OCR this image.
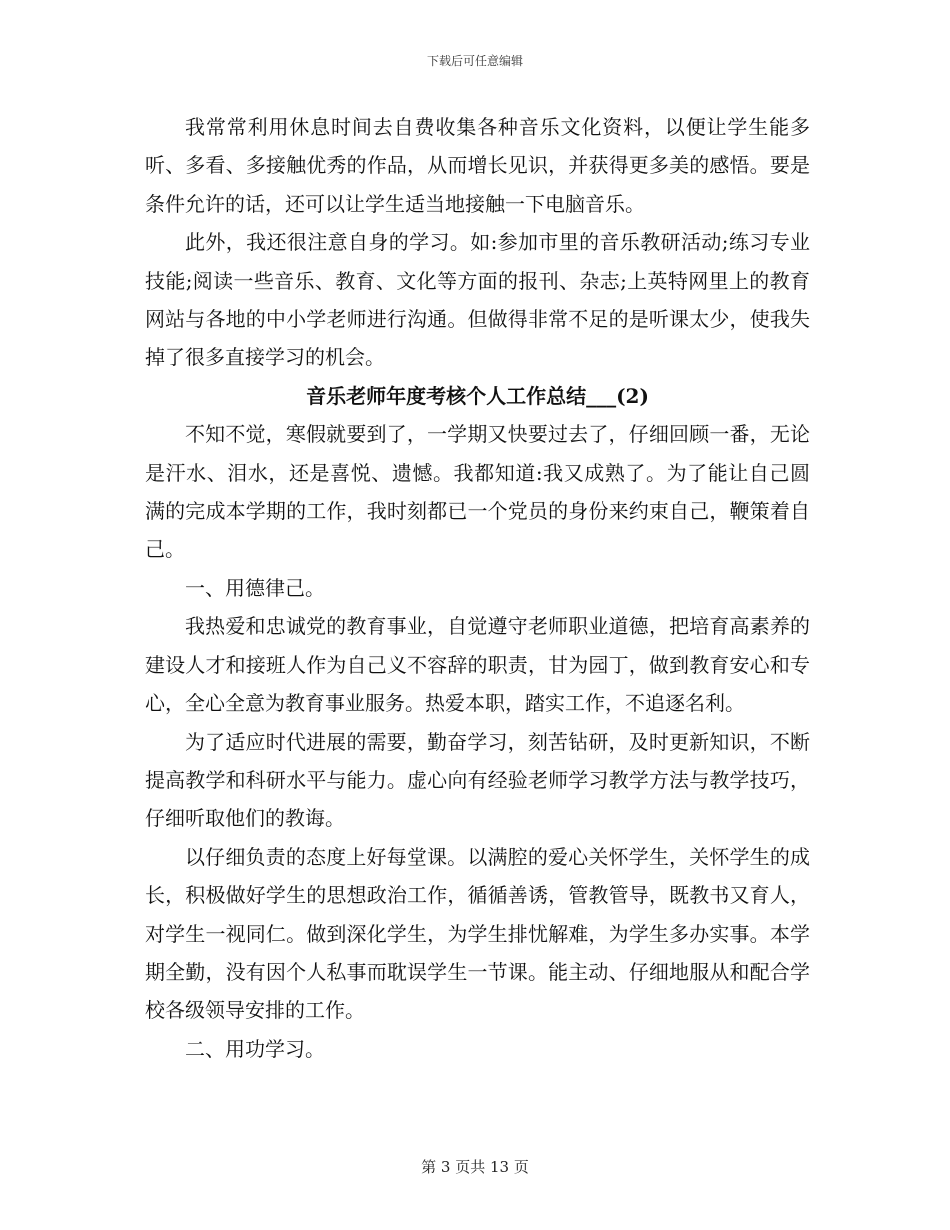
下载后可任意编辑

我常常利用休息时间去自费收集各种音乐文化资料，以便让学生能多听、多看、多接触优秀的作品，从而增长见识，并获得更多美的感悟。要是条件允许的话，还可以让学生适当地接触一下电脑音乐。

此外，我还很注意自身的学习。如:参加市里的音乐教研活动;练习专业技能;阅读一些音乐、教育、文化等方面的报刊、杂志;上英特网里上的教育网站与各地的中小学老师进行沟通。但做得非常不足的是听课太少，使我失掉了很多直接学习的机会。

音乐老师年度考核个人工作总结___(2)

不知不觉，寒假就要到了，一学期又快要过去了，仔细回顾一番，无论是汗水、泪水，还是喜悦、遗憾。我都知道:我又成熟了。为了能让自己圆满的完成本学期的工作，我时刻都已一个党员的身份来约束自己，鞭策着自己。

一、用德律己。

我热爱和忠诚党的教育事业，自觉遵守老师职业道德，把培育高素养的建设人才和接班人作为自己义不容辞的职责，甘为园丁，做到教育安心和专心，全心全意为教育事业服务。热爱本职，踏实工作，不追逐名利。

为了适应时代进展的需要，勤奋学习，刻苦钻研，及时更新知识，不断提高教学和科研水平与能力。虚心向有经验老师学习教学方法与教学技巧，仔细听取他们的教诲。

以仔细负责的态度上好每堂课。以满腔的爱心关怀学生，关怀学生的成长，积极做好学生的思想政治工作，循循善诱，管教管导，既教书又育人，对学生一视同仁。做到深化学生，为学生排忧解难，为学生多办实事。本学期全勤，没有因个人私事而耽误学生一节课。能主动、仔细地服从和配合学校各级领导安排的工作。

二、用功学习。

第 3 页共 13 页
